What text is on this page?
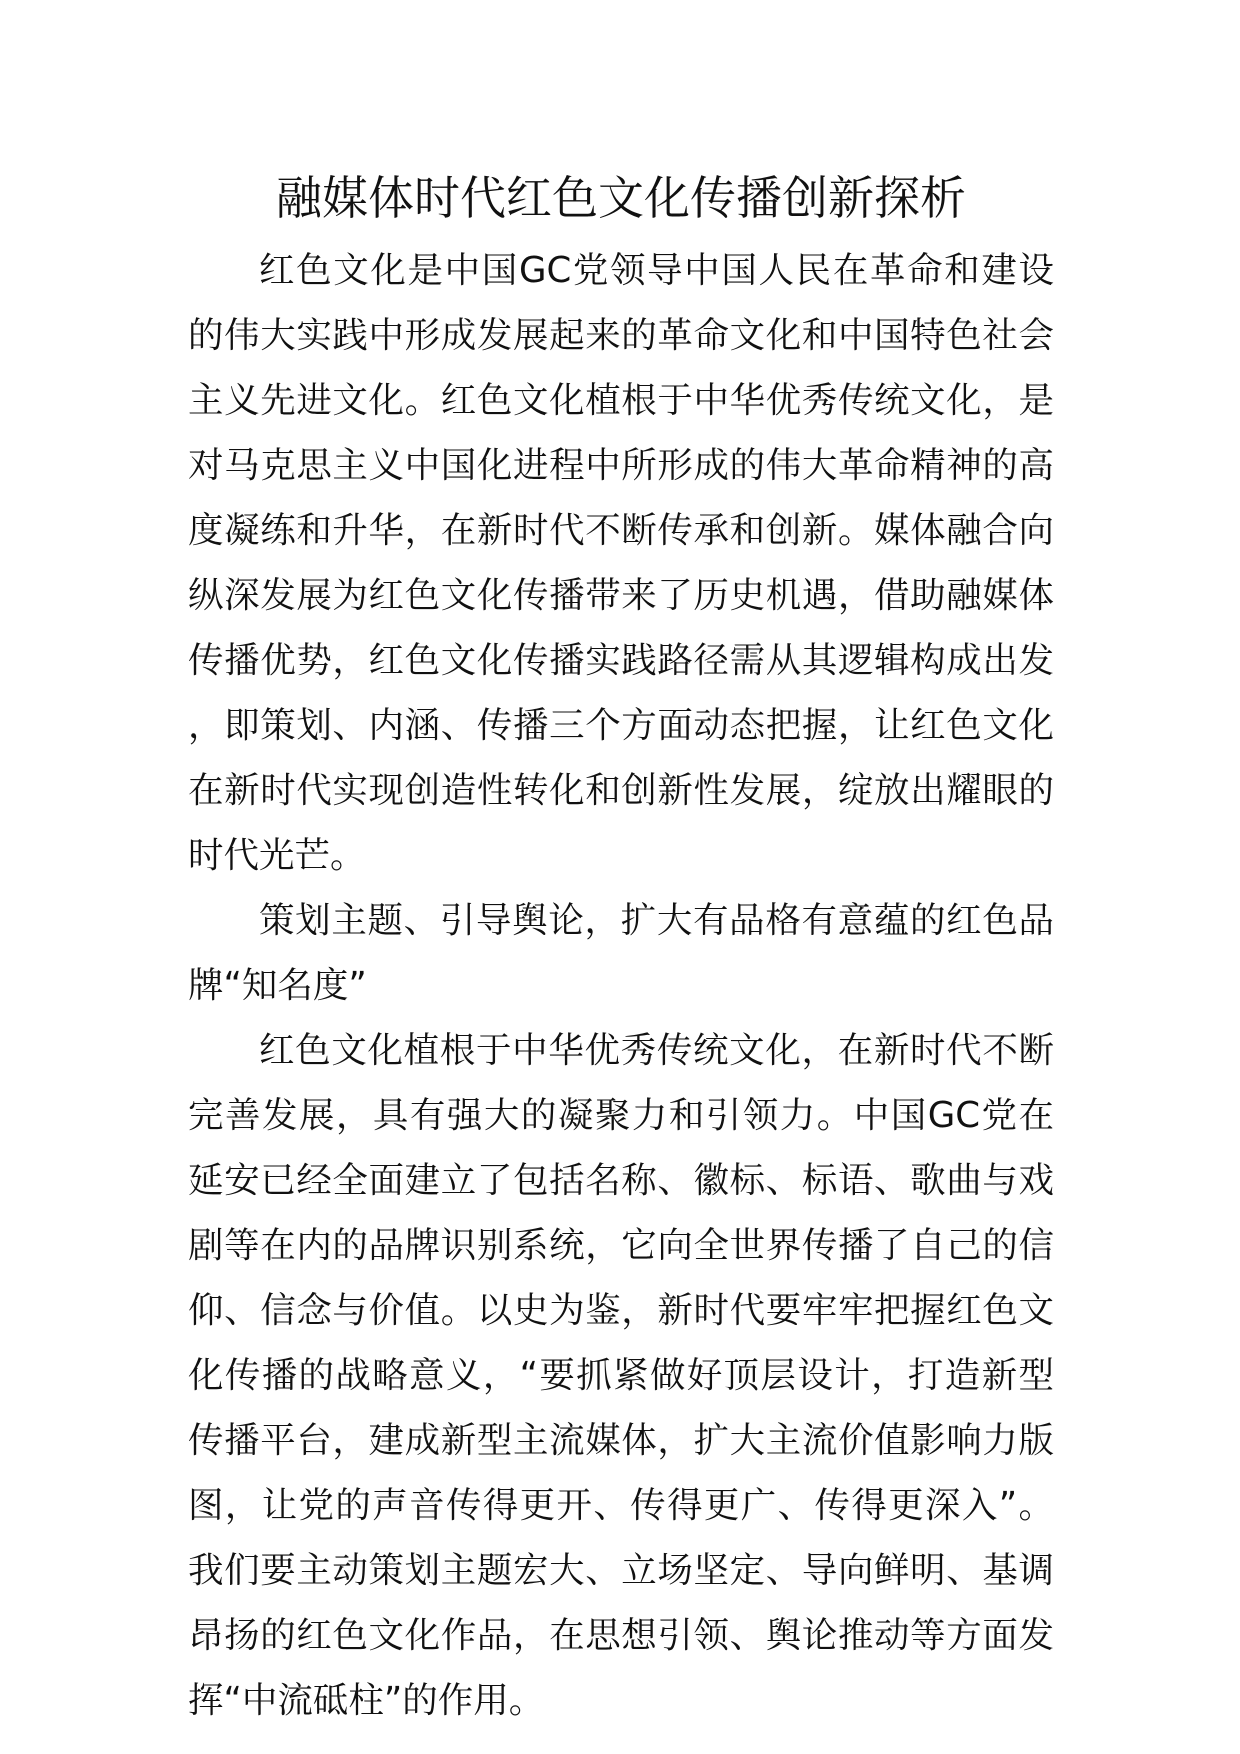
融媒体时代红色文化传播创新探析

红色文化是中国GC党领导中国人民在革命和建设的伟大实践中形成发展起来的革命文化和中国特色社会主义先进文化。红色文化植根于中华优秀传统文化，是对马克思主义中国化进程中所形成的伟大革命精神的高度凝练和升华，在新时代不断传承和创新。媒体融合向纵深发展为红色文化传播带来了历史机遇，借助融媒体传播优势，红色文化传播实践路径需从其逻辑构成出发，即策划、内涵、传播三个方面动态把握，让红色文化在新时代实现创造性转化和创新性发展，绽放出耀眼的时代光芒。

策划主题、引导舆论，扩大有品格有意蕴的红色品牌“知名度”

红色文化植根于中华优秀传统文化，在新时代不断完善发展，具有强大的凝聚力和引领力。中国GC党在延安已经全面建立了包括名称、徽标、标语、歌曲与戏剧等在内的品牌识别系统，它向全世界传播了自己的信仰、信念与价值。以史为鉴，新时代要牢牢把握红色文化传播的战略意义，“要抓紧做好顶层设计，打造新型传播平台，建成新型主流媒体，扩大主流价值影响力版图，让党的声音传得更开、传得更广、传得更深入”。我们要主动策划主题宏大、立场坚定、导向鲜明、基调昂扬的红色文化作品，在思想引领、舆论推动等方面发挥“中流砥柱”的作用。
